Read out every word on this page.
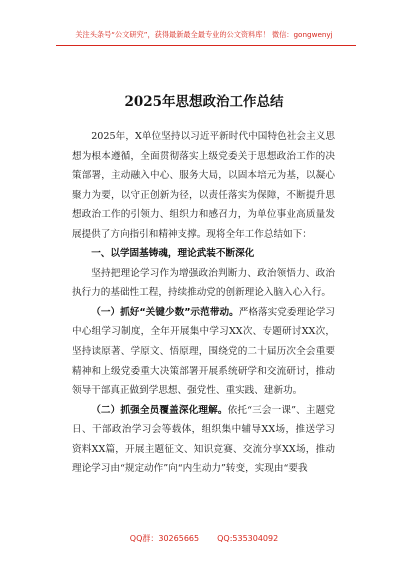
关注头条号“公文研究”，获得最新最全最专业的公文资料库！ 微信：gongwenyj
2025年思想政治工作总结

2025年，X单位坚持以习近平新时代中国特色社会主义思想为根本遵循，全面贯彻落实上级党委关于思想政治工作的决策部署，主动融入中心、服务大局，以固本培元为基，以凝心聚力为要，以守正创新为径，以责任落实为保障，不断提升思想政治工作的引领力、组织力和感召力，为单位事业高质量发展提供了方向指引和精神支撑。现将全年工作总结如下：

一、以学固基铸魂，理论武装不断深化

坚持把理论学习作为增强政治判断力、政治领悟力、政治执行力的基础性工程，持续推动党的创新理论入脑入心入行。

（一）抓好“关键少数”示范带动。严格落实党委理论学习中心组学习制度，全年开展集中学习XX次、专题研讨XX次，坚持读原著、学原文、悟原理，围绕党的二十届历次全会重要精神和上级党委重大决策部署开展系统研学和交流研讨，推动领导干部真正做到学思想、强党性、重实践、建新功。

（二）抓强全员覆盖深化理解。依托“三会一课”、主题党日、干部政治学习会等载体，组织集中辅导XX场，推送学习资料XX篇，开展主题征文、知识竞赛、交流分享XX场，推动理论学习由“规定动作”向“内生动力”转变，实现由“要我

QQ群：30265665 QQ:535304092
